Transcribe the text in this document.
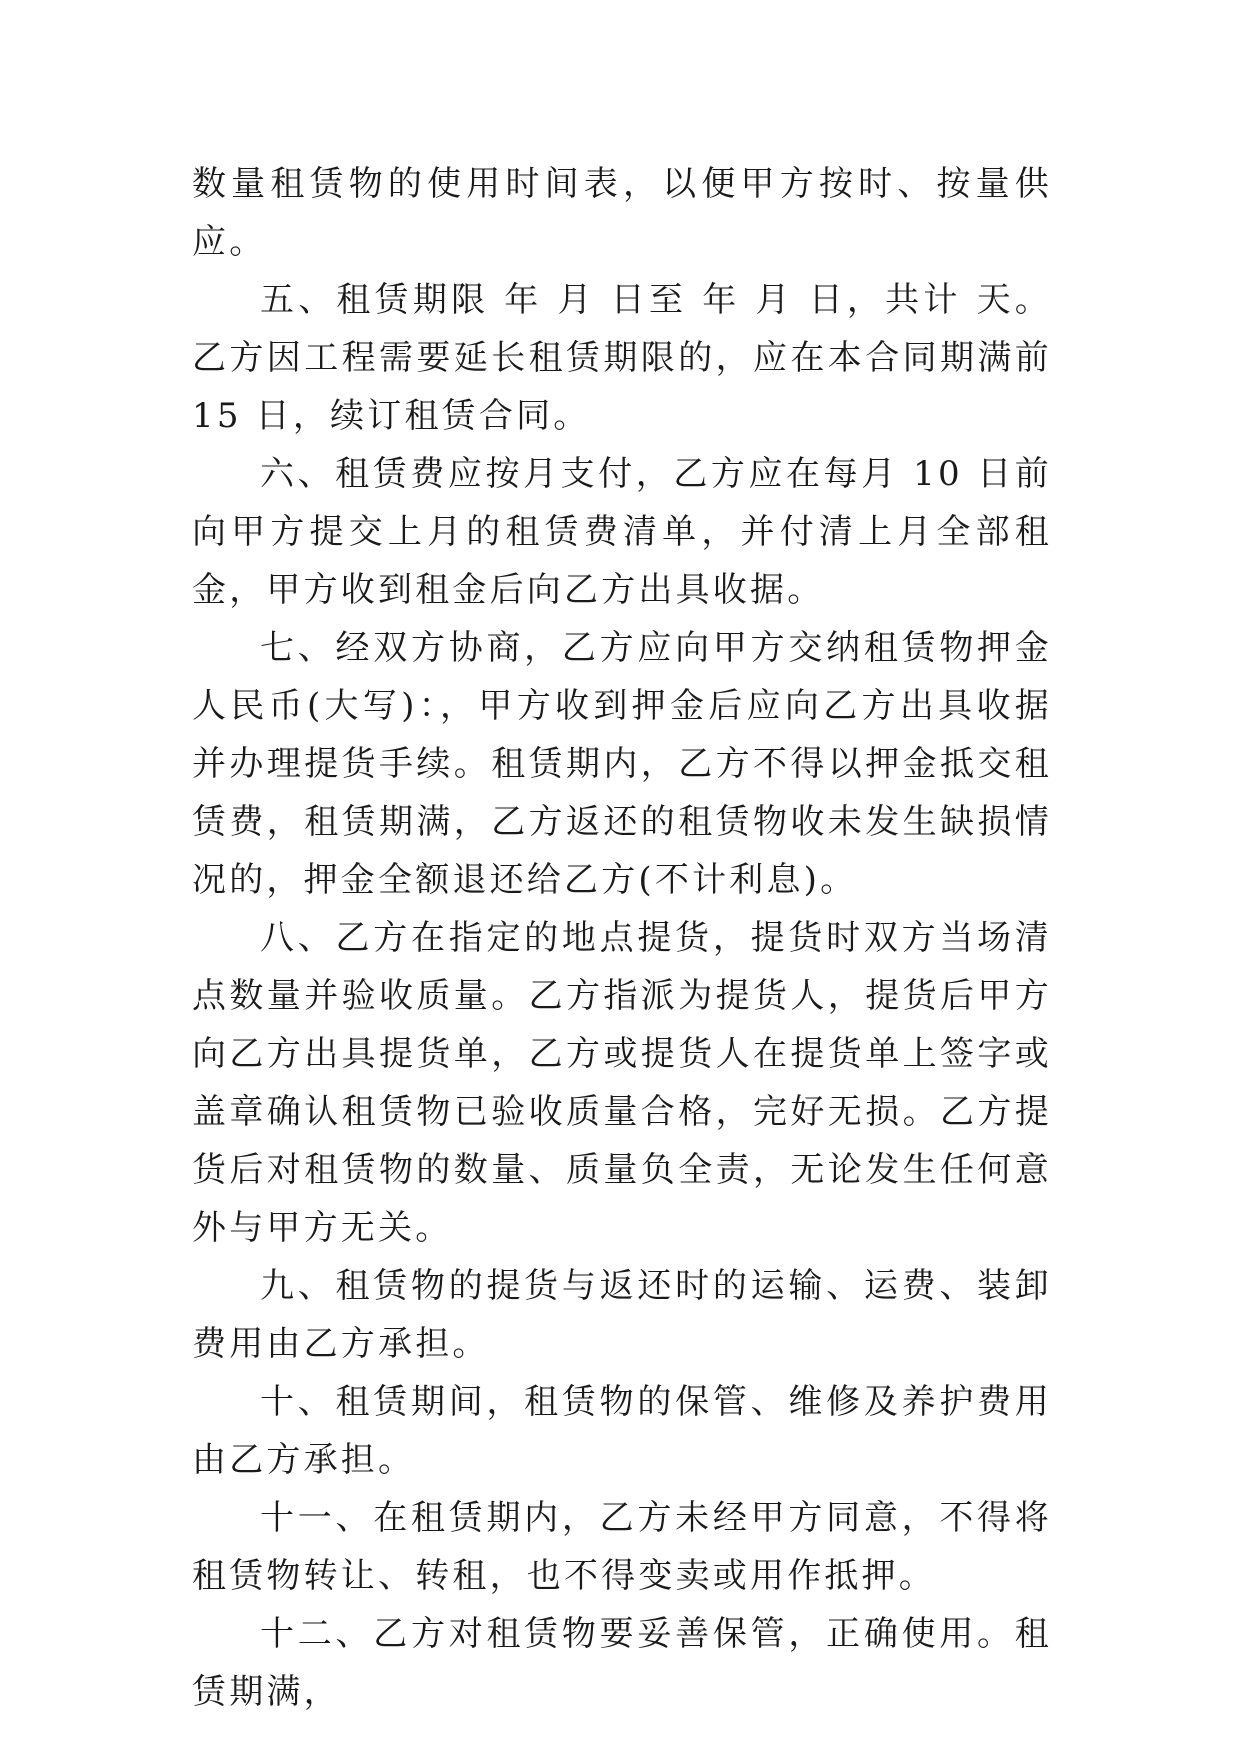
数量租赁物的使用时间表，以便甲方按时、按量供应。

五、租赁期限 年 月 日至 年 月 日，共计 天。乙方因工程需要延长租赁期限的，应在本合同期满前 15 日，续订租赁合同。

六、租赁费应按月支付，乙方应在每月 10 日前向甲方提交上月的租赁费清单，并付清上月全部租金，甲方收到租金后向乙方出具收据。

七、经双方协商，乙方应向甲方交纳租赁物押金人民币(大写)：，甲方收到押金后应向乙方出具收据并办理提货手续。租赁期内，乙方不得以押金抵交租赁费，租赁期满，乙方返还的租赁物收未发生缺损情况的，押金全额退还给乙方(不计利息)。

八、乙方在指定的地点提货，提货时双方当场清点数量并验收质量。乙方指派为提货人，提货后甲方向乙方出具提货单，乙方或提货人在提货单上签字或盖章确认租赁物已验收质量合格，完好无损。乙方提货后对租赁物的数量、质量负全责，无论发生任何意外与甲方无关。

九、租赁物的提货与返还时的运输、运费、装卸费用由乙方承担。

十、租赁期间，租赁物的保管、维修及养护费用由乙方承担。

十一、在租赁期内，乙方未经甲方同意，不得将租赁物转让、转租，也不得变卖或用作抵押。

十二、乙方对租赁物要妥善保管，正确使用。租赁期满，
